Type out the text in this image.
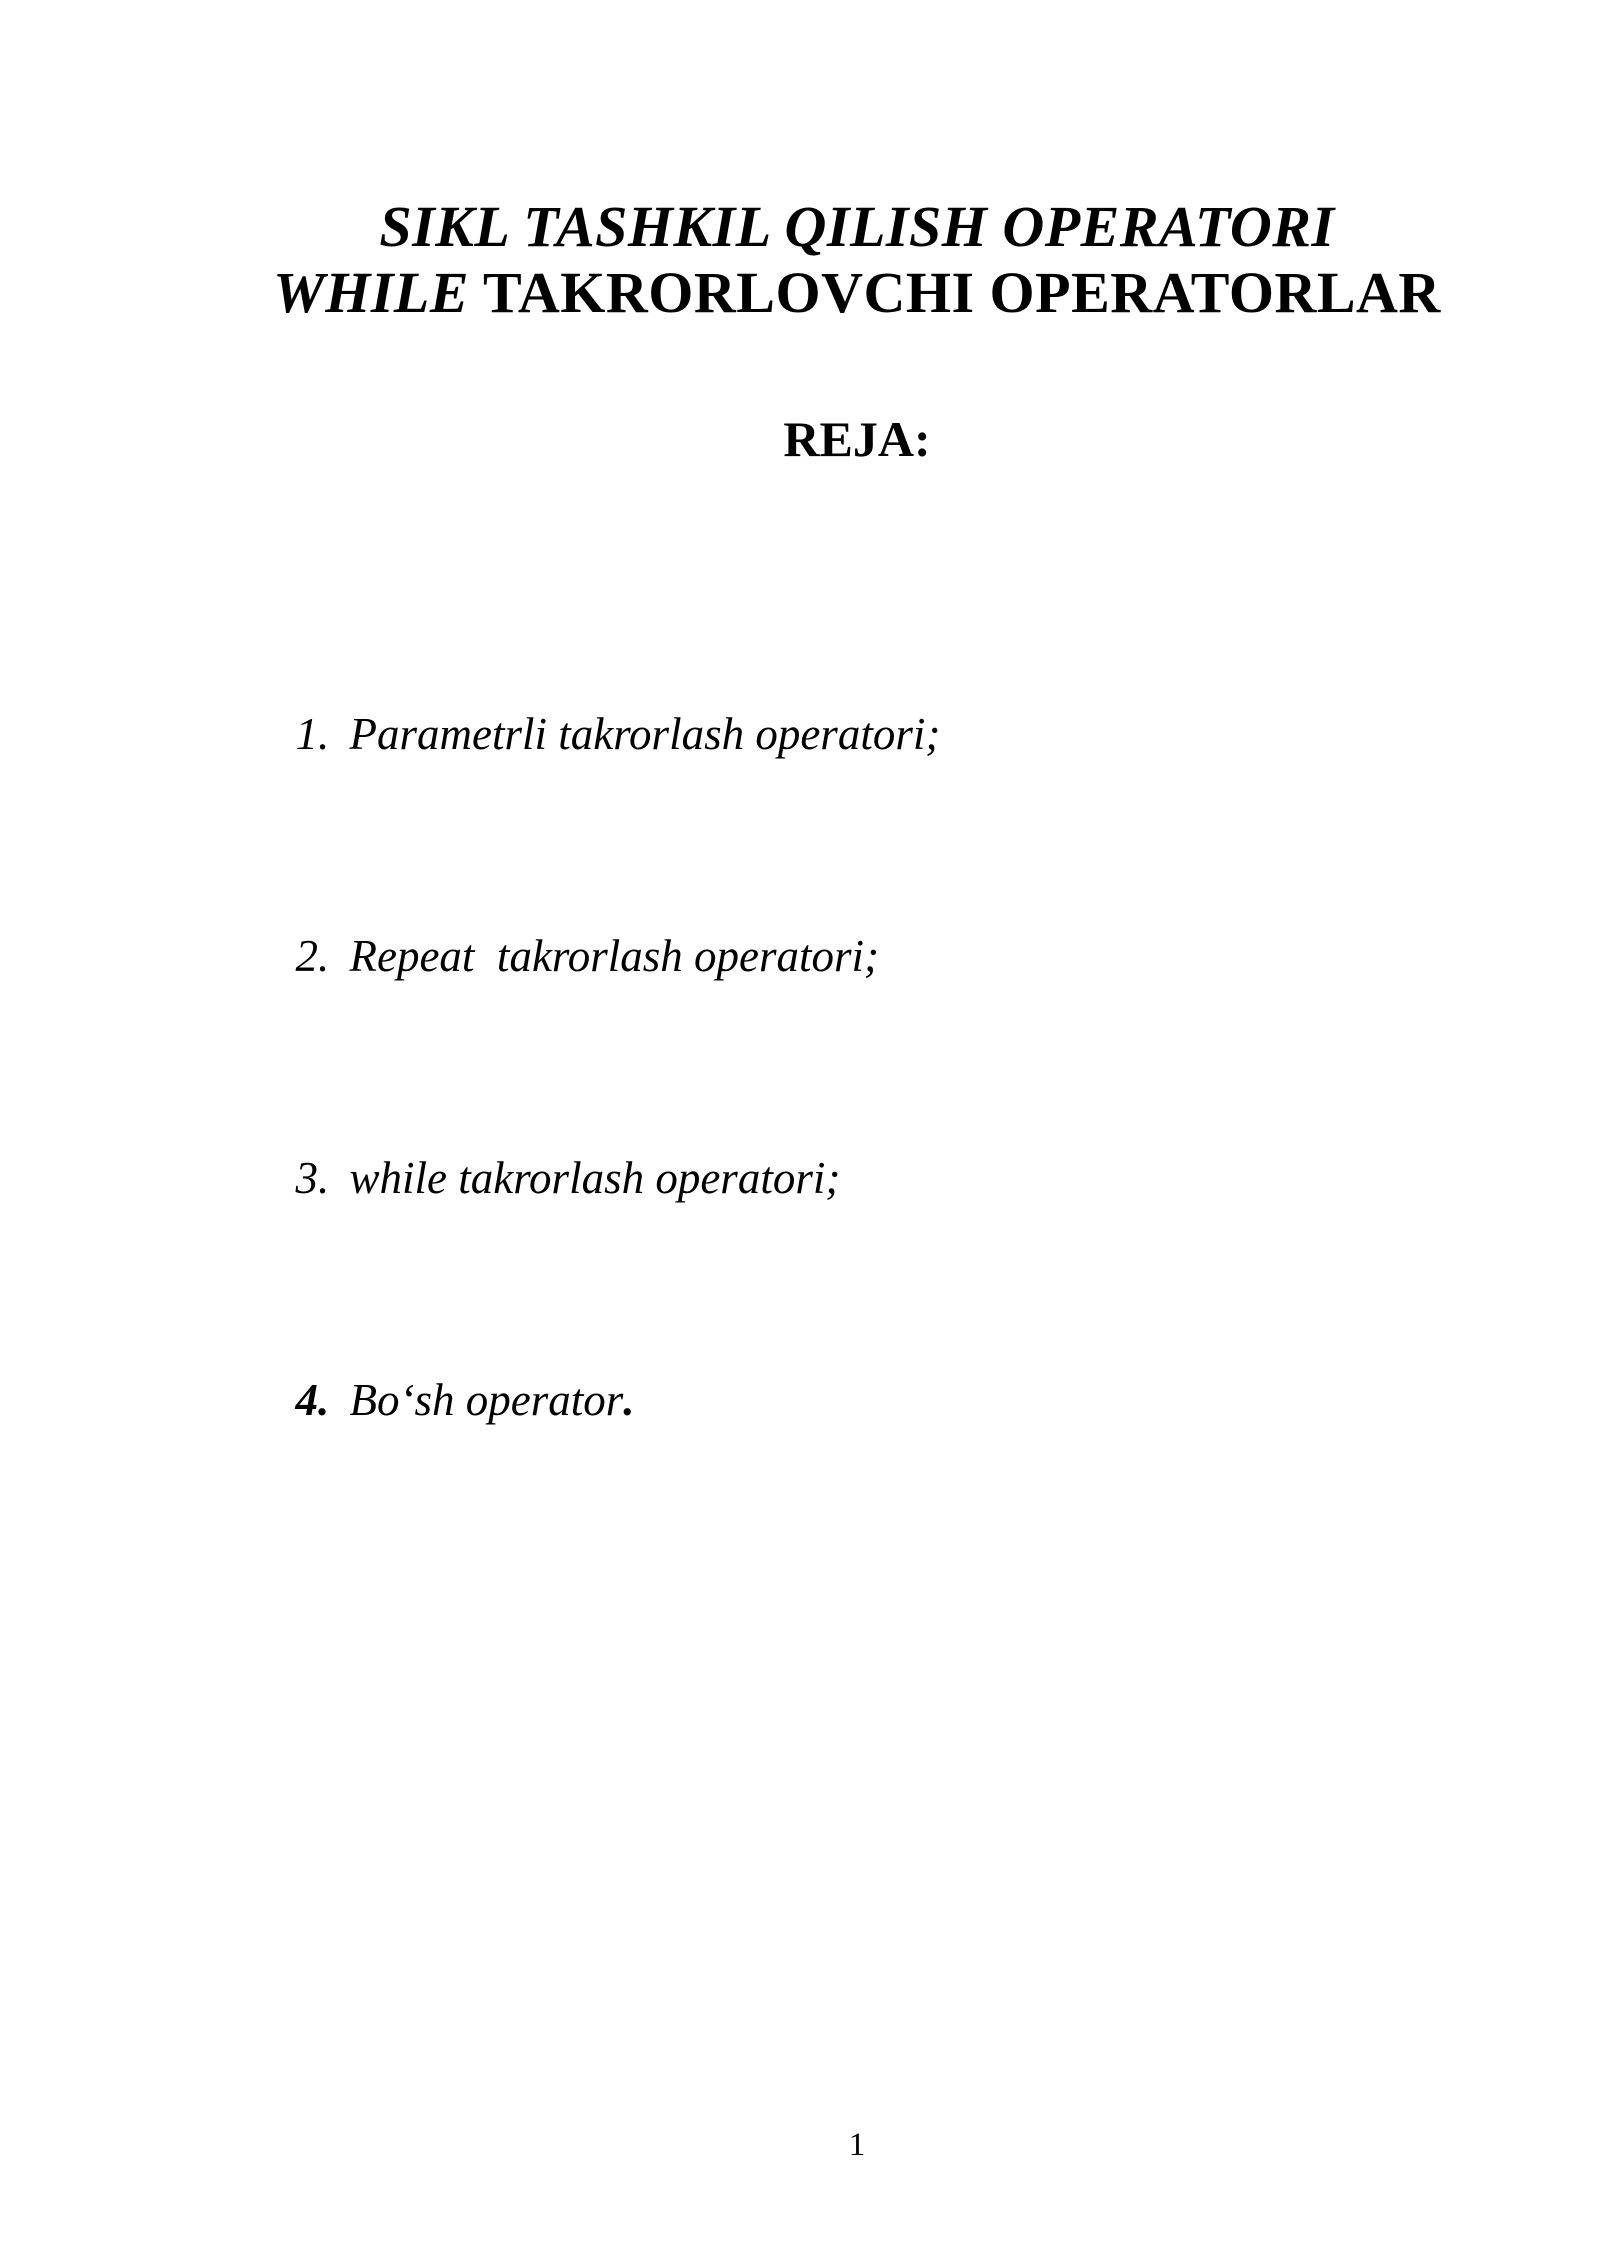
SIKL TASHKIL QILISH OPERATORI
WHILE TAKRORLOVCHI OPERATORLAR
REJA:

1. Parametrli takrorlash operatori;

2. Repeat  takrorlash operatori;

3. while takrorlash operatori;

4. Bo‘sh operator.

1
